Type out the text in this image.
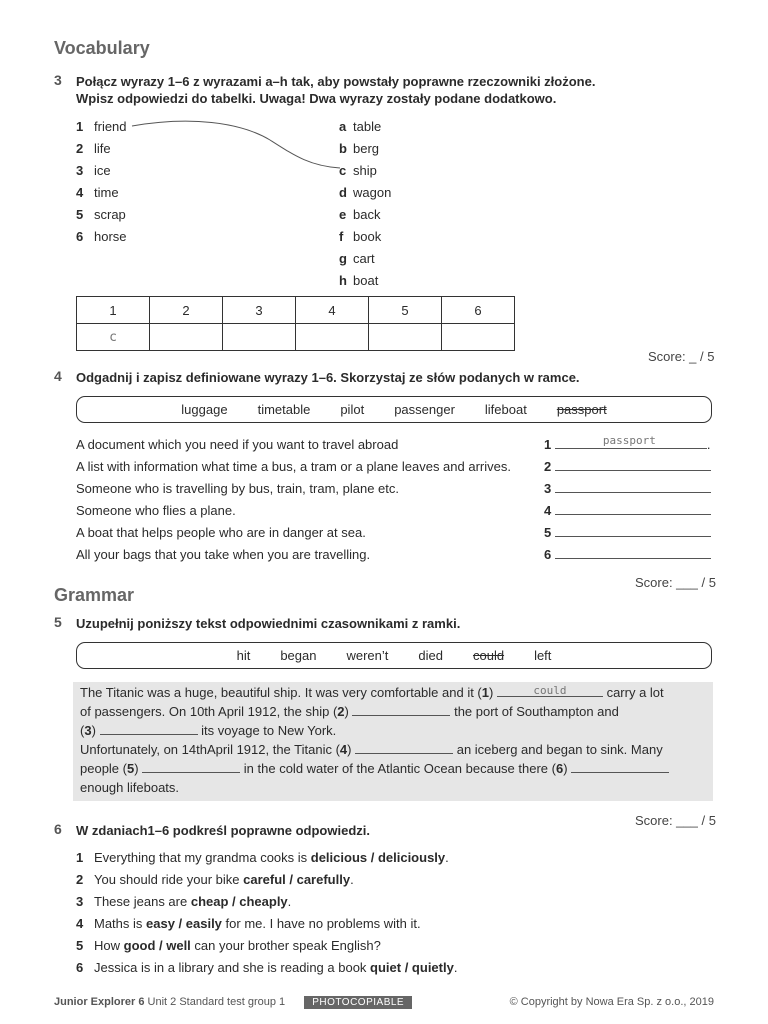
Vocabulary
3 Połącz wyrazy 1–6 z wyrazami a–h tak, aby powstały poprawne rzeczowniki złożone.
Wpisz odpowiedzi do tabelki. Uwaga! Dwa wyrazy zostały podane dodatkowo.
1 friend
2 life
3 ice
4 time
5 scrap
6 horse
a table
b berg
c ship
d wagon
e back
f book
g cart
h boat
1	2	3	4	5	6
c					
Score: _ / 5
4 Odgadnij i zapisz definiowane wyrazy 1–6. Skorzystaj ze słów podanych w ramce.
luggage timetable pilot passenger lifeboat passport
A document which you need if you want to travel abroad	1	passport	.
A list with information what time a bus, a tram or a plane leaves and arrives.	2
Someone who is travelling by bus, train, tram, plane etc.	3
Someone who flies a plane.	4
A boat that helps people who are in danger at sea.	5
All your bags that you take when you are travelling.	6
Score: ___ / 5
Grammar
5 Uzupełnij poniższy tekst odpowiednimi czasownikami z ramki.
hit began weren’t died could left
The Titanic was a huge, beautiful ship. It was very comfortable and it (1)	could	carry a lot
of passengers. On 10th April 1912, the ship (2)	the port of Southampton and
(3)	its voyage to New York.
Unfortunately, on 14thApril 1912, the Titanic (4)	an iceberg and began to sink. Many
people (5)	in the cold water of the Atlantic Ocean because there (6)
enough lifeboats.
Score: ___ / 5
6 W zdaniach1–6 podkreśl poprawne odpowiedzi.
1 Everything that my grandma cooks is delicious / deliciously.
2 You should ride your bike careful / carefully.
3 These jeans are cheap / cheaply.
4 Maths is easy / easily for me. I have no problems with it.
5 How good / well can your brother speak English?
6 Jessica is in a library and she is reading a book quiet / quietly.
Junior Explorer 6 Unit 2 Standard test group 1	PHOTOCOPIABLE	© Copyright by Nowa Era Sp. z o.o., 2019
